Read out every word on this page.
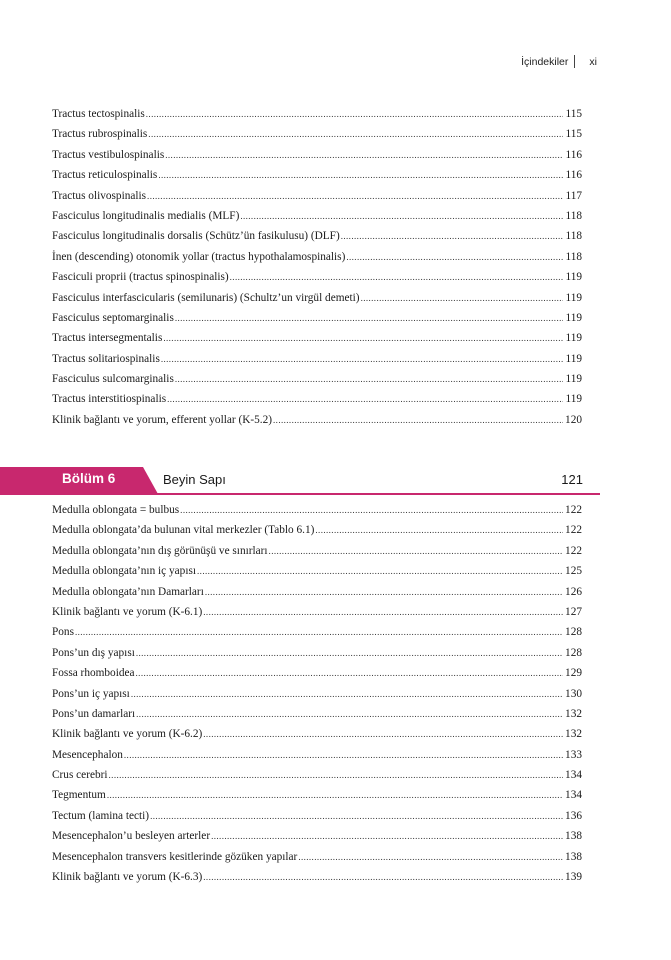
İçindekiler xi
Tractus tectospinalis .....	115
Tractus rubrospinalis .....	115
Tractus vestibulospinalis .....	116
Tractus reticulospinalis .....	116
Tractus olivospinalis .....	117
Fasciculus longitudinalis medialis (MLF) .....	118
Fasciculus longitudinalis dorsalis (Schütz’ün fasikulusu) (DLF) .....	118
İnen (descending) otonomik yollar (tractus hypothalamospinalis) .....	118
Fasciculi proprii (tractus spinospinalis) .....	119
Fasciculus interfascicularis (semilunaris) (Schultz’un virgül demeti) .....	119
Fasciculus septomarginalis .....	119
Tractus intersegmentalis .....	119
Tractus solitariospinalis .....	119
Fasciculus sulcomarginalis .....	119
Tractus interstitiospinalis .....	119
Klinik bağlantı ve yorum, efferent yollar (K-5.2) .....	120
Bölüm 6	Beyin Sapı	121
Medulla oblongata = bulbus .....	122
Medulla oblongata’da bulunan vital merkezler (Tablo 6.1) .....	122
Medulla oblongata’nın dış görünüşü ve sınırları .....	122
Medulla oblongata’nın iç yapısı .....	125
Medulla oblongata’nın Damarları .....	126
Klinik bağlantı ve yorum (K-6.1) .....	127
Pons .....	128
Pons’un dış yapısı .....	128
Fossa rhomboidea .....	129
Pons’un iç yapısı .....	130
Pons’un damarları .....	132
Klinik bağlantı ve yorum (K-6.2) .....	132
Mesencephalon .....	133
Crus cerebri .....	134
Tegmentum .....	134
Tectum (lamina tecti) .....	136
Mesencephalon’u besleyen arterler .....	138
Mesencephalon transvers kesitlerinde gözüken yapılar .....	138
Klinik bağlantı ve yorum (K-6.3) .....	139
